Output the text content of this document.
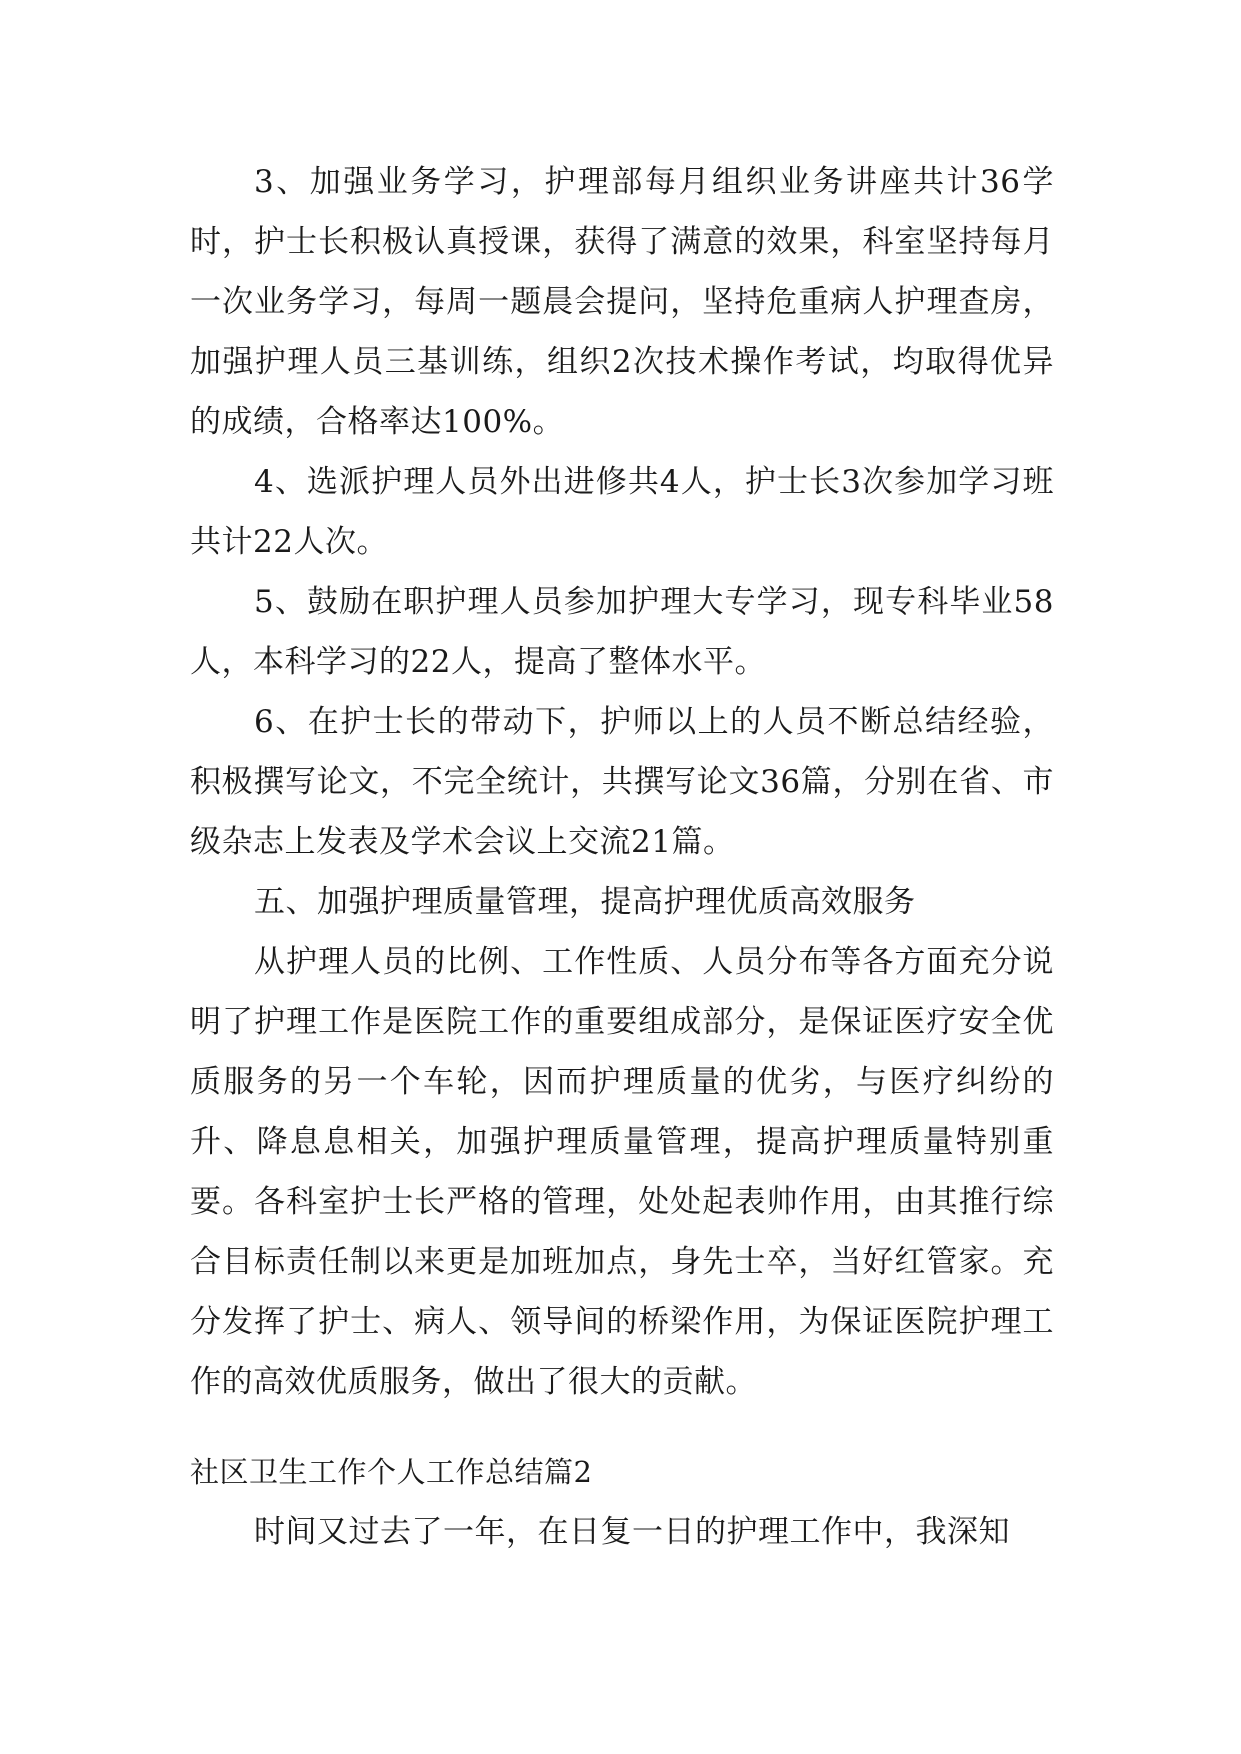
3、加强业务学习，护理部每月组织业务讲座共计36学时，护士长积极认真授课，获得了满意的效果，科室坚持每月一次业务学习，每周一题晨会提问，坚持危重病人护理查房，加强护理人员三基训练，组织2次技术操作考试，均取得优异的成绩，合格率达100%。

4、选派护理人员外出进修共4人，护士长3次参加学习班共计22人次。

5、鼓励在职护理人员参加护理大专学习，现专科毕业58人，本科学习的22人，提高了整体水平。

6、在护士长的带动下，护师以上的人员不断总结经验，积极撰写论文，不完全统计，共撰写论文36篇，分别在省、市级杂志上发表及学术会议上交流21篇。

五、加强护理质量管理，提高护理优质高效服务

从护理人员的比例、工作性质、人员分布等各方面充分说明了护理工作是医院工作的重要组成部分，是保证医疗安全优质服务的另一个车轮，因而护理质量的优劣，与医疗纠纷的升、降息息相关，加强护理质量管理，提高护理质量特别重要。各科室护士长严格的管理，处处起表帅作用，由其推行综合目标责任制以来更是加班加点，身先士卒，当好红管家。充分发挥了护士、病人、领导间的桥梁作用，为保证医院护理工作的高效优质服务，做出了很大的贡献。

社区卫生工作个人工作总结篇2

时间又过去了一年，在日复一日的护理工作中，我深知
